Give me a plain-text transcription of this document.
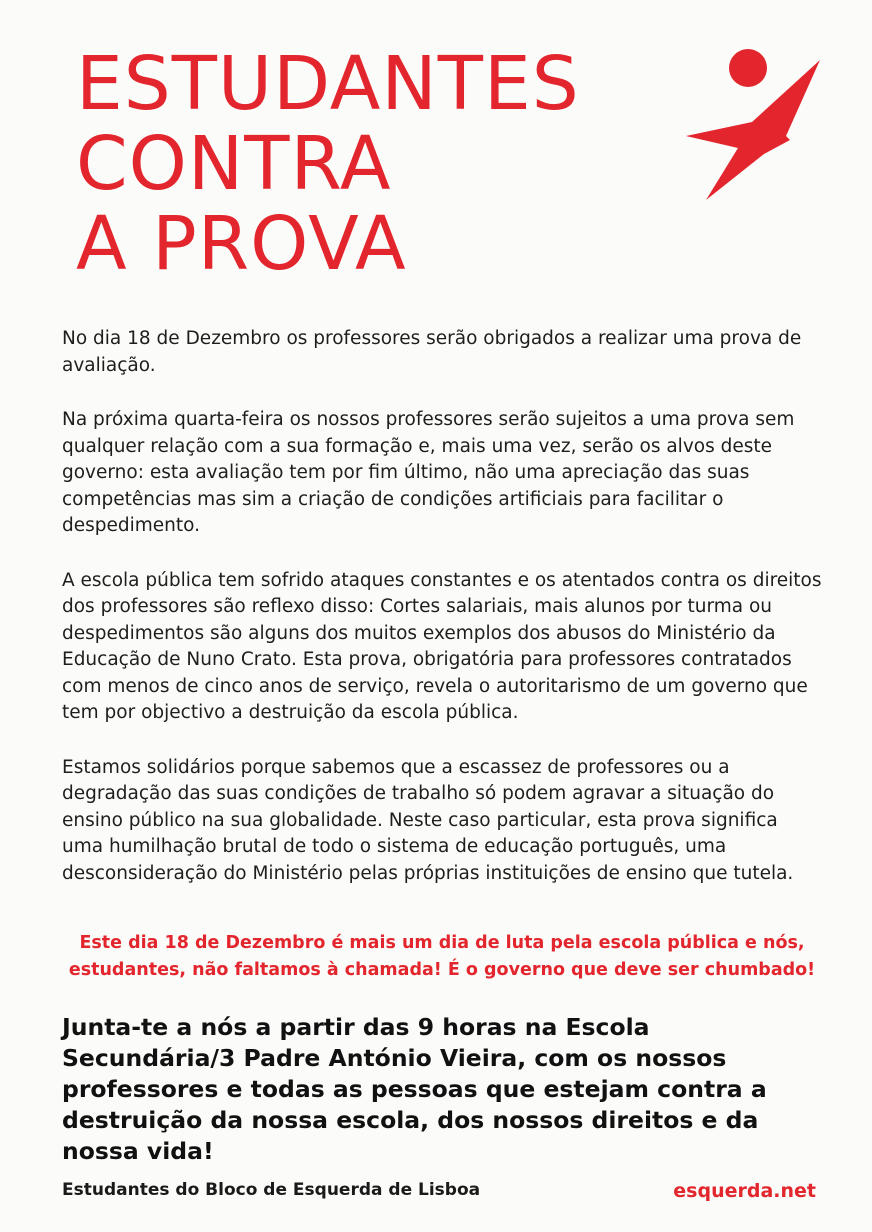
ESTUDANTES
CONTRA
A PROVA

No dia 18 de Dezembro os professores serão obrigados a realizar uma prova de avaliação.

Na próxima quarta-feira os nossos professores serão sujeitos a uma prova sem qualquer relação com a sua formação e, mais uma vez, serão os alvos deste governo: esta avaliação tem por fim último, não uma apreciação das suas competências mas sim a criação de condições artificiais para facilitar o despedimento.

A escola pública tem sofrido ataques constantes e os atentados contra os direitos dos professores são reflexo disso: Cortes salariais, mais alunos por turma ou despedimentos são alguns dos muitos exemplos dos abusos do Ministério da Educação de Nuno Crato. Esta prova, obrigatória para professores contratados com menos de cinco anos de serviço, revela o autoritarismo de um governo que tem por objectivo a destruição da escola pública.

Estamos solidários porque sabemos que a escassez de professores ou a degradação das suas condições de trabalho só podem agravar a situação do ensino público na sua globalidade. Neste caso particular, esta prova significa uma humilhação brutal de todo o sistema de educação português, uma desconsideração do Ministério pelas próprias instituições de ensino que tutela.

Este dia 18 de Dezembro é mais um dia de luta pela escola pública e nós, estudantes, não faltamos à chamada! É o governo que deve ser chumbado!
Junta-te a nós a partir das 9 horas na Escola Secundária/3 Padre António Vieira, com os nossos professores e todas as pessoas que estejam contra a destruição da nossa escola, dos nossos direitos e da nossa vida!
Estudantes do Bloco de Esquerda de Lisboa	esquerda.net
